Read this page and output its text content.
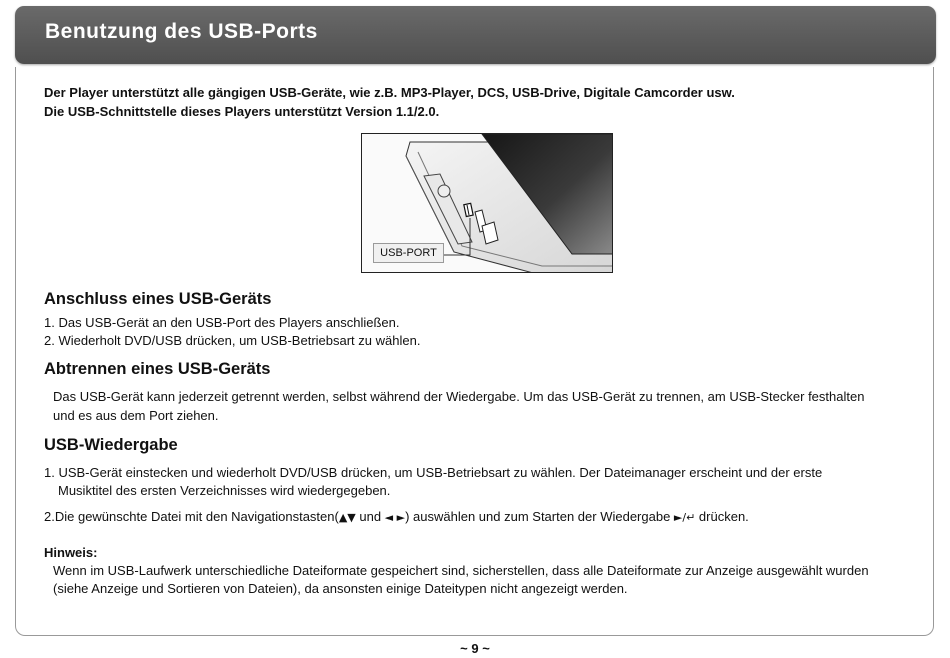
Benutzung des USB-Ports

Der Player unterstützt alle gängigen USB-Geräte, wie z.B. MP3-Player, DCS, USB-Drive, Digitale Camcorder usw.

Die USB-Schnittstelle dieses Players unterstützt Version 1.1/2.0.

USB-PORT
Anschluss eines USB-Geräts

1. Das USB-Gerät an den USB-Port des Players anschließen.

2. Wiederholt DVD/USB drücken, um USB-Betriebsart zu wählen.

Abtrennen eines USB-Geräts

Das USB-Gerät kann jederzeit getrennt werden, selbst während der Wiedergabe. Um das USB-Gerät zu trennen, am USB-Stecker festhalten

und es aus dem Port ziehen.

USB-Wiedergabe

1. USB-Gerät einstecken und wiederholt DVD/USB drücken, um USB-Betriebsart zu wählen. Der Dateimanager erscheint und der erste

Musiktitel des ersten Verzeichnisses wird wiedergegeben.

2.Die gewünschte Datei mit den Navigationstasten(▲▼ und ◄ ►) auswählen und zum Starten der Wiedergabe ►/↵ drücken.
Hinweis:

Wenn im USB-Laufwerk unterschiedliche Dateiformate gespeichert sind, sicherstellen, dass alle Dateiformate zur Anzeige ausgewählt wurden

(siehe Anzeige und Sortieren von Dateien), da ansonsten einige Dateitypen nicht angezeigt werden.

~ 9 ~
